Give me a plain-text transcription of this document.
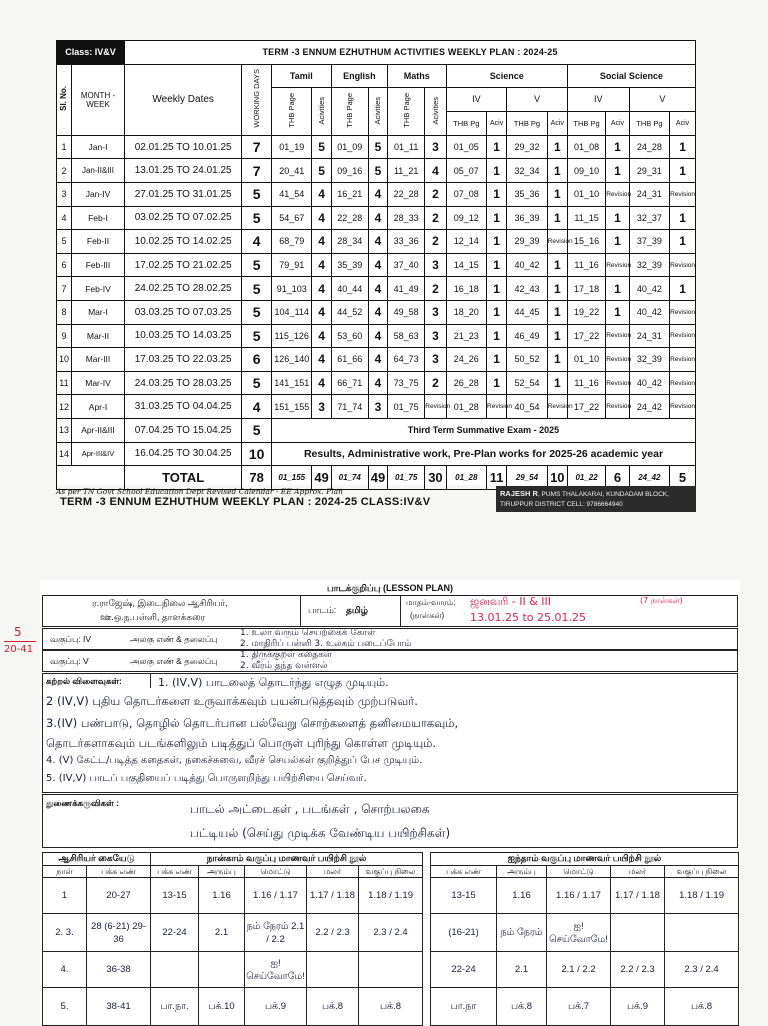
Class: IV&V		TERM -3 ENNUM EZHUTHUM ACTIVITIES WEEKLY PLAN : 2024-25															
Sl. No.	MONTH - WEEK	Weekly Dates	WORKING DAYS	Tamil		English		Maths		Science				Social Science			
				THB Page	Acivities	THB Page	Acivities	THB Page	Acivities	IV		V		IV		V	
										THB Pg	Aciv	THB Pg	Aciv	THB Pg	Aciv	THB Pg	Aciv
1	Jan-I	02.01.25 TO 10.01.25	7	01_19	5	01_09	5	01_11	3	01_05	1	29_32	1	01_08	1	24_28	1
2	Jan-II&III	13.01.25 TO 24.01.25	7	20_41	5	09_16	5	11_21	4	05_07	1	32_34	1	09_10	1	29_31	1
3	Jan-IV	27.01.25 TO 31.01.25	5	41_54	4	16_21	4	22_28	2	07_08	1	35_36	1	01_10	Revision	24_31	Revision
4	Feb-I	03.02.25 TO 07.02.25	5	54_67	4	22_28	4	28_33	2	09_12	1	36_39	1	11_15	1	32_37	1
5	Feb-II	10.02.25 TO 14.02.25	4	68_79	4	28_34	4	33_36	2	12_14	1	29_39	Revision	15_16	1	37_39	1
6	Feb-III	17.02.25 TO 21.02.25	5	79_91	4	35_39	4	37_40	3	14_15	1	40_42	1	11_16	Revision	32_39	Revision
7	Feb-IV	24.02.25 TO 28.02.25	5	91_103	4	40_44	4	41_49	2	16_18	1	42_43	1	17_18	1	40_42	1
8	Mar-I	03.03.25 TO 07.03.25	5	104_114	4	44_52	4	49_58	3	18_20	1	44_45	1	19_22	1	40_42	Revision
9	Mar-II	10.03.25 TO 14.03.25	5	115_126	4	53_60	4	58_63	3	21_23	1	46_49	1	17_22	Revision	24_31	Revision
10	Mar-III	17.03.25 TO 22.03.25	6	126_140	4	61_66	4	64_73	3	24_26	1	50_52	1	01_10	Revision	32_39	Revision
11	Mar-IV	24.03.25 TO 28.03.25	5	141_151	4	66_71	4	73_75	2	26_28	1	52_54	1	11_16	Revision	40_42	Revision
12	Apr-I	31.03.25 TO 04.04.25	4	151_155	3	71_74	3	01_75	Revision	01_28	Revision	40_54	Revision	17_22	Revision	24_42	Revision
13	Apr-II&III	07.04.25 TO 15.04.25	5	Third Term Summative Exam - 2025													
14	Apr-III&IV	16.04.25 TO 30.04.25	10	Results, Administrative work, Pre-Plan works for 2025-26 academic year													
		TOTAL	78	01_155	49	01_74	49	01_75	30	01_28	11	29_54	10	01_22	6	24_42	5
As per TN Govt School Education Dept Revised Calendar - EE Approx. Plan
TERM -3 ENNUM EZHUTHUM WEEKLY PLAN : 2024-25 CLASS:IV&V
RAJESH R, PUMS THALAKARAI, KUNDADAM BLOCK,
TIRUPPUR DISTRICT CELL: 9786664940
5
20-41
பாடக்குறிப்பு (LESSON PLAN)
ர.ராஜேஷ், இடைநிலை ஆசிரியர்,
ஊ.ஒ.ந.பள்ளி, தாளக்கரை
பாடம்: தமிழ்
மாதம்-வாரம்:
(நாள்கள்)
ஜனவரி - II & III	(7 நாள்கள்)
13.01.25 to 25.01.25
வகுப்பு: IV	அலகு எண் & தலைப்பு
1. உலா வரும் செயற்கைக் கோள்
2. மாதிரிப் பள்ளி 3. உலகம் படைப்போம்
வகுப்பு: V	அலகு எண் & தலைப்பு
1. திருக்குறள் கதைகள்
2. வீரம் தந்த வள்ளல்
கற்றல் விளைவுகள்:	1. (IV,V) பாடலைத் தொடர்ந்து எழுத முடியும்.
2 (IV,V) புதிய தொடர்களை உருவாக்கவும் பயன்படுத்தவும் முற்படுவர்.
3.(IV) பண்பாடு, தொழில் தொடர்பான பல்வேறு சொற்களைத் தனிமையாகவும்,
தொடர்களாகவும் படங்களிலும் படித்துப் பொருள் புரிந்து கொள்ள முடியும்.
4. (V) கேட்ட/படித்த கதைகள், நகைச்சுவை, வீரச் செயல்கள் குறித்துப் பேச முடியும்.
5. (IV,V) பாடப் பகுதியைப் படித்து பொருளறிந்து பயிற்சியை செய்வர்.
துணைக்கருவிகள் :	பாடல் அட்டைகள் , படங்கள் , சொற்பலகை
பட்டியல் (செய்து முடிக்க வேண்டிய பயிற்சிகள்)
ஆசிரியர் கையேடு		நான்காம் வகுப்பு மாணவர் பயிற்சி நூல்				
நாள்	பக்க எண்	பக்க எண்	அரும்பு	மொட்டு	மலர்	வகுப்பு நிலை
1	20-27	13-15	1.16	1.16 / 1.17	1.17 / 1.18	1.18 / 1.19
2. 3.	28 (6-21) 29-36	22-24	2.1	நம் நேரம் 2.1 / 2.2	2.2 / 2.3	2.3 / 2.4
4.	36-38			ஐ! செய்வோமே!		
5.	38-41	பா.நா.	பக்.10	பக்.9	பக்.8	பக்.8
ஐந்தாம் வகுப்பு மாணவர் பயிற்சி நூல்				
பக்க எண்	அரும்பு	மொட்டு	மலர்	வகுப்பு நிலை
13-15	1.16	1.16 / 1.17	1.17 / 1.18	1.18 / 1.19
(16-21)	நம் நேரம்	ஐ! செய்வோமே!		
22-24	2.1	2.1 / 2.2	2.2 / 2.3	2.3 / 2.4
பா.நா	பக்.8	பக்.7	பக்.9	பக்.8
